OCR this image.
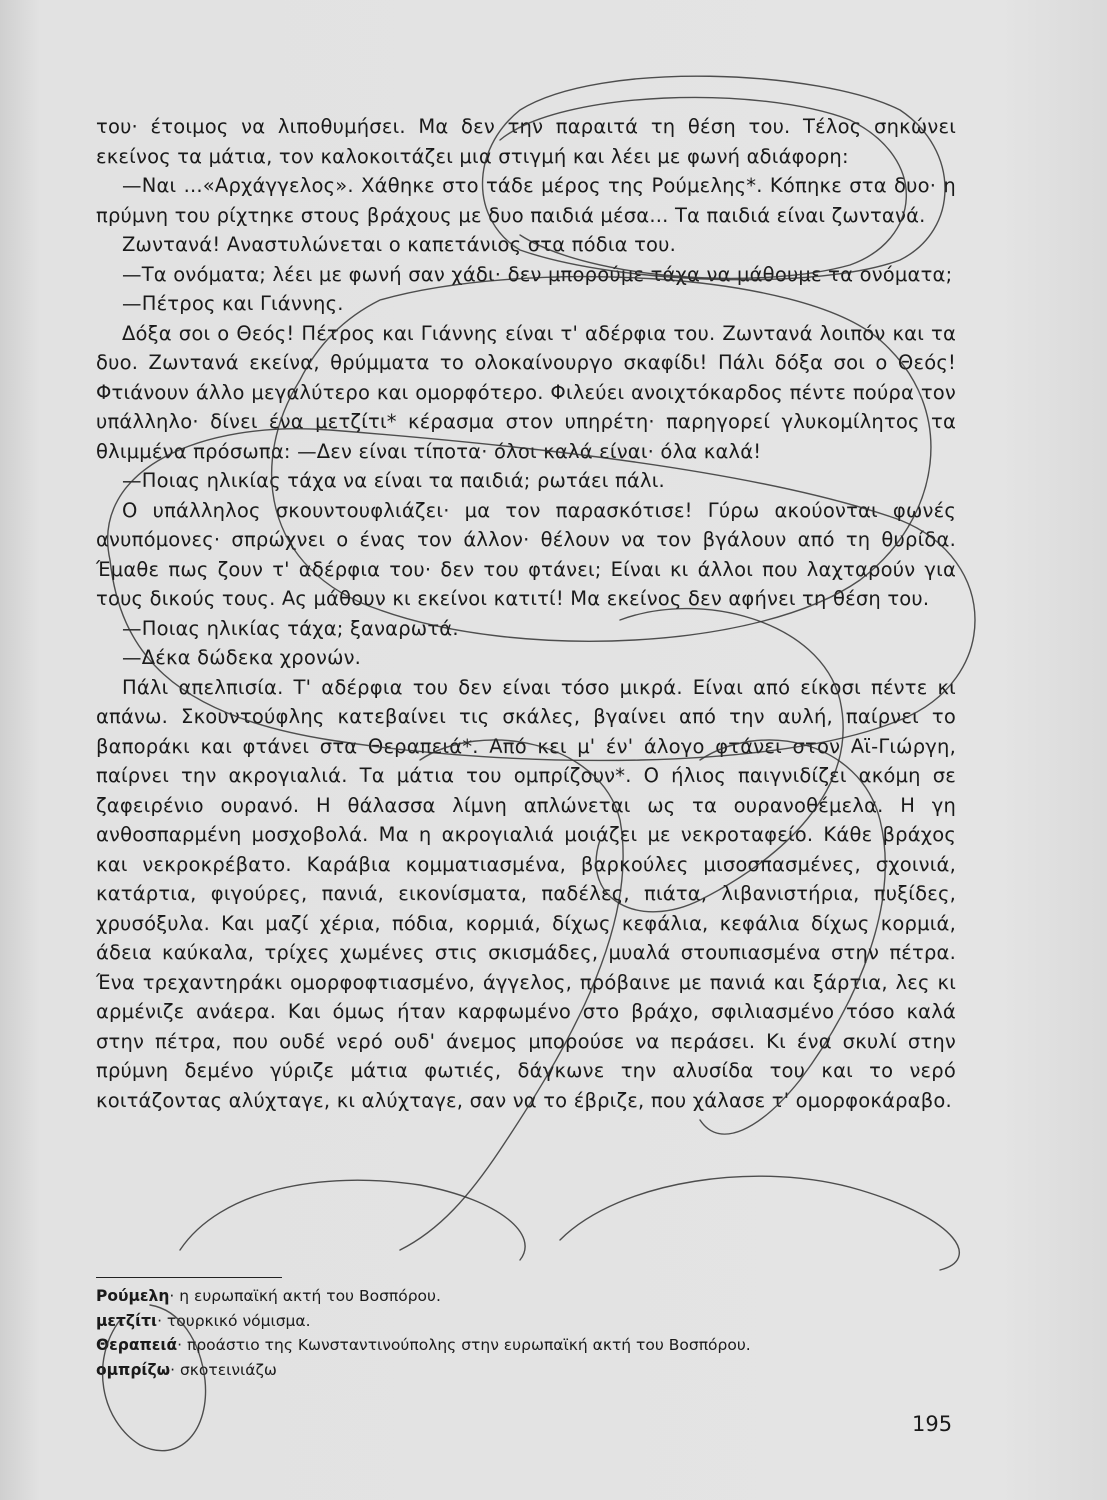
του· έτοιμος να λιποθυμήσει. Μα δεν την παραιτά τη θέση του. Τέλος σηκώνει εκείνος τα μάτια, τον καλοκοιτάζει μια στιγμή και λέει με φωνή αδιάφορη:

—Ναι ...«Αρχάγγελος». Χάθηκε στο τάδε μέρος της Ρούμελης*. Κόπηκε στα δυο· η πρύμνη του ρίχτηκε στους βράχους με δυο παιδιά μέσα... Τα παιδιά είναι ζωντανά.

Ζωντανά! Αναστυλώνεται ο καπετάνιος στα πόδια του.

—Τα ονόματα; λέει με φωνή σαν χάδι· δεν μπορούμε τάχα να μάθουμε τα ονόματα;

—Πέτρος και Γιάννης.

Δόξα σοι ο Θεός! Πέτρος και Γιάννης είναι τ' αδέρφια του. Ζωντανά λοιπόν και τα δυο. Ζωντανά εκείνα, θρύμματα το ολοκαίνουργο σκαφίδι! Πάλι δόξα σοι ο Θεός! Φτιάνουν άλλο μεγαλύτερο και ομορφότερο. Φιλεύει ανοιχτόκαρδος πέντε πούρα τον υπάλληλο· δίνει ένα μετζίτι* κέρασμα στον υπηρέτη· παρηγορεί γλυκομίλητος τα θλιμμένα πρόσωπα: —Δεν είναι τίποτα· όλοι καλά είναι· όλα καλά!

—Ποιας ηλικίας τάχα να είναι τα παιδιά; ρωτάει πάλι.

Ο υπάλληλος σκουντουφλιάζει· μα τον παρασκότισε! Γύρω ακούονται φωνές ανυπόμονες· σπρώχνει ο ένας τον άλλον· θέλουν να τον βγάλουν από τη θυρίδα. Έμαθε πως ζουν τ' αδέρφια του· δεν του φτάνει; Είναι κι άλλοι που λαχταρούν για τους δικούς τους. Ας μάθουν κι εκείνοι κατιτί! Μα εκείνος δεν αφήνει τη θέση του.

—Ποιας ηλικίας τάχα; ξαναρωτά.

—Δέκα δώδεκα χρονών.

Πάλι απελπισία. Τ' αδέρφια του δεν είναι τόσο μικρά. Είναι από είκοσι πέντε κι απάνω. Σκουντούφλης κατεβαίνει τις σκάλες, βγαίνει από την αυλή, παίρνει το βαποράκι και φτάνει στα Θεραπειά*. Από κει μ' έν' άλογο φτάνει στον Αϊ-Γιώργη, παίρνει την ακρογιαλιά. Τα μάτια του ομπρίζουν*. Ο ήλιος παιγνιδίζει ακόμη σε ζαφειρένιο ουρανό. Η θάλασσα λίμνη απλώνεται ως τα ουρανοθέμελα. Η γη ανθοσπαρμένη μοσχοβολά. Μα η ακρογιαλιά μοιάζει με νεκροταφείο. Κάθε βράχος και νεκροκρέβατο. Καράβια κομματιασμένα, βαρκούλες μισοσπασμένες, σχοινιά, κατάρτια, φιγούρες, πανιά, εικονίσματα, παδέλες, πιάτα, λιβανιστήρια, πυξίδες, χρυσόξυλα. Και μαζί χέρια, πόδια, κορμιά, δίχως κεφάλια, κεφάλια δίχως κορμιά, άδεια καύκαλα, τρίχες χωμένες στις σκισμάδες, μυαλά στουπιασμένα στην πέτρα. Ένα τρεχαντηράκι ομορφοφτιασμένο, άγγελος, πρόβαινε με πανιά και ξάρτια, λες κι αρμένιζε ανάερα. Και όμως ήταν καρφωμένο στο βράχο, σφιλιασμένο τόσο καλά στην πέτρα, που ουδέ νερό ουδ' άνεμος μπορούσε να περάσει. Κι ένα σκυλί στην πρύμνη δεμένο γύριζε μάτια φωτιές, δάγκωνε την αλυσίδα του και το νερό κοιτάζοντας αλύχταγε, κι αλύχταγε, σαν να το έβριζε, που χάλασε τ' ομορφοκάραβο.

Ρούμελη· η ευρωπαϊκή ακτή του Βοσπόρου.

μετζίτι· τουρκικό νόμισμα.

Θεραπειά· προάστιο της Κωνσταντινούπολης στην ευρωπαϊκή ακτή του Βοσπόρου.

ομπρίζω· σκοτεινιάζω

195
